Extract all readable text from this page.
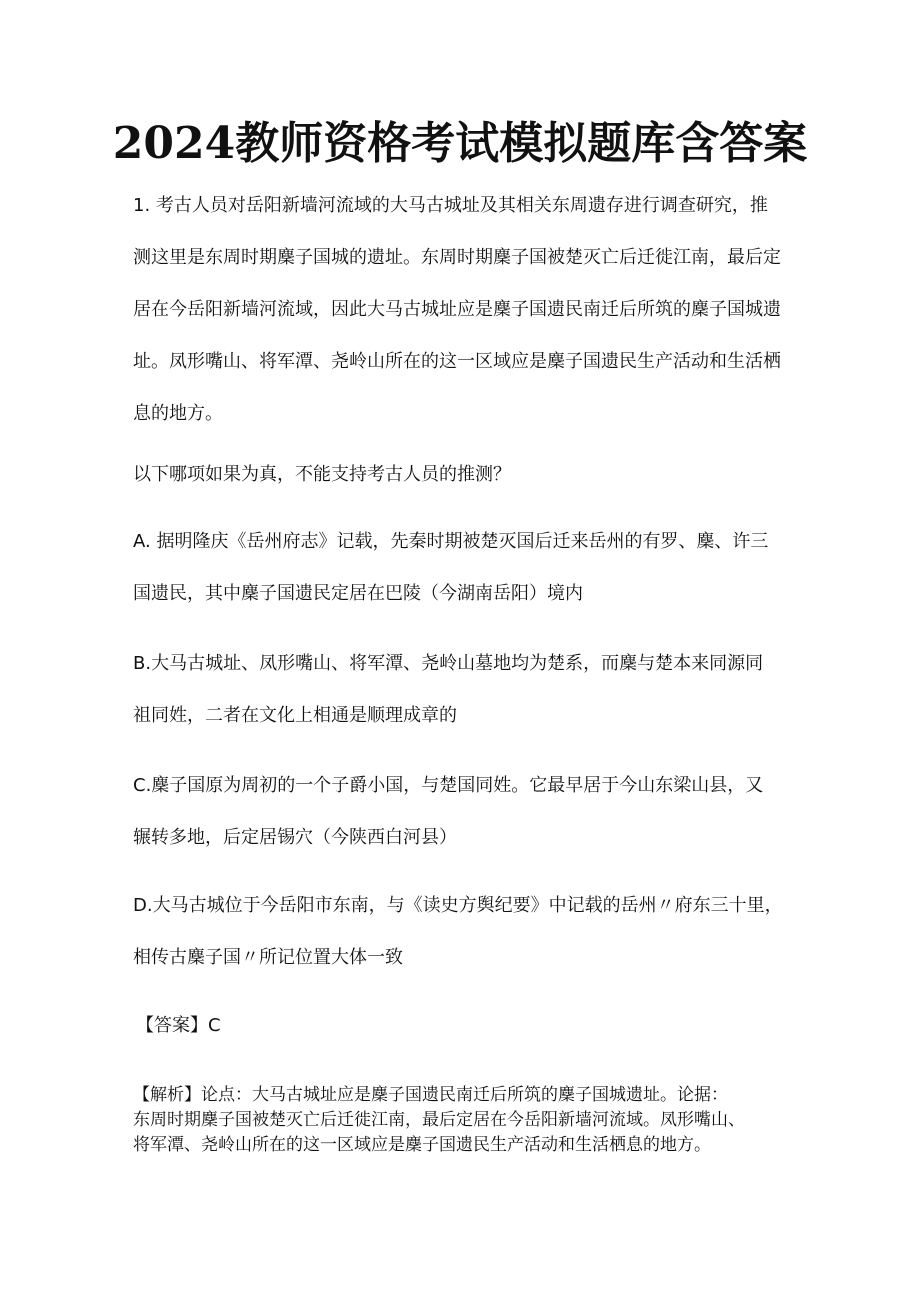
2024教师资格考试模拟题库含答案

1. 考古人员对岳阳新墙河流域的大马古城址及其相关东周遗存进行调查研究，推
测这里是东周时期麇子国城的遗址。东周时期麇子国被楚灭亡后迁徙江南，最后定
居在今岳阳新墙河流域，因此大马古城址应是麇子国遗民南迁后所筑的麇子国城遗
址。凤形嘴山、将军潭、尧岭山所在的这一区域应是麇子国遗民生产活动和生活栖
息的地方。

以下哪项如果为真，不能支持考古人员的推测？

A. 据明隆庆《岳州府志》记载，先秦时期被楚灭国后迁来岳州的有罗、麇、许三
国遗民，其中麇子国遗民定居在巴陵（今湖南岳阳）境内

B.大马古城址、凤形嘴山、将军潭、尧岭山墓地均为楚系，而麇与楚本来同源同
祖同姓，二者在文化上相通是顺理成章的

C.麇子国原为周初的一个子爵小国，与楚国同姓。它最早居于今山东梁山县，又
辗转多地，后定居锡穴（今陕西白河县）

D.大马古城位于今岳阳市东南，与《读史方舆纪要》中记载的岳州〃府东三十里，
相传古麇子国〃所记位置大体一致

【答案】C
【解析】论点：大马古城址应是麇子国遗民南迁后所筑的麇子国城遗址。论据：
东周时期麇子国被楚灭亡后迁徙江南，最后定居在今岳阳新墙河流域。凤形嘴山、
将军潭、尧岭山所在的这一区域应是麇子国遗民生产活动和生活栖息的地方。
